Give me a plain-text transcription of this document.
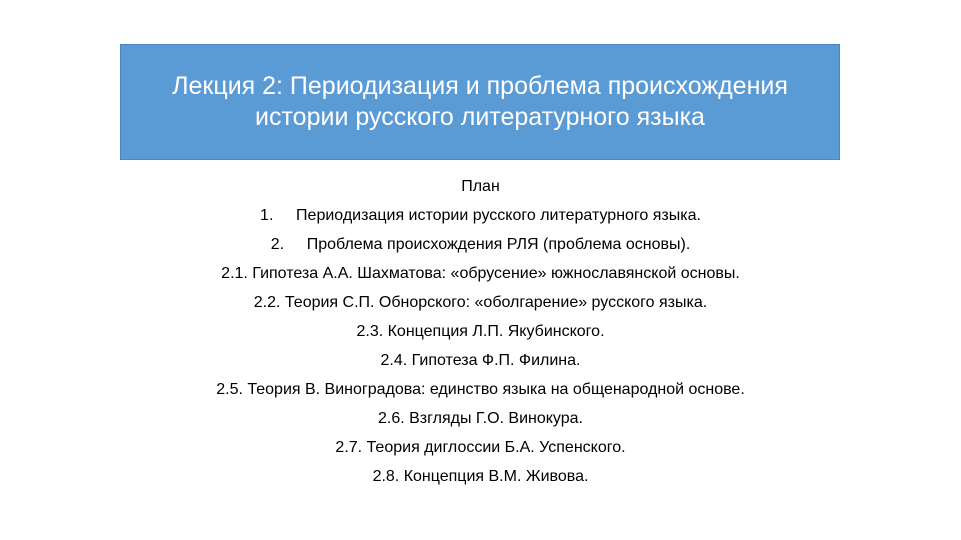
Лекция 2: Периодизация и проблема происхождения истории русского литературного языка
План
1. Периодизация истории русского литературного языка.
2. Проблема происхождения РЛЯ (проблема основы).
2.1. Гипотеза А.А. Шахматова: «обрусение» южнославянской основы.
2.2. Теория С.П. Обнорского: «оболгарение» русского языка.
2.3. Концепция Л.П. Якубинского.
2.4. Гипотеза Ф.П. Филина.
2.5. Теория В. Виноградова: единство языка на общенародной основе.
2.6. Взгляды Г.О. Винокура.
2.7. Теория диглоссии Б.А. Успенского.
2.8. Концепция В.М. Живова.
